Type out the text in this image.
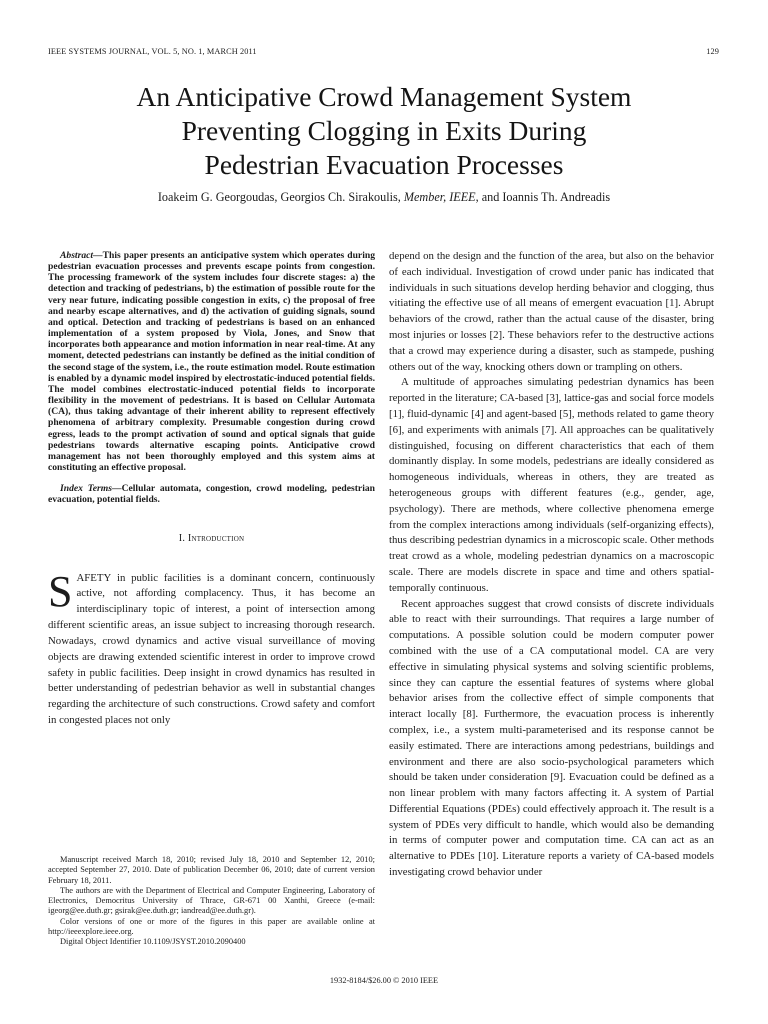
IEEE SYSTEMS JOURNAL, VOL. 5, NO. 1, MARCH 2011	129
An Anticipative Crowd Management System
Preventing Clogging in Exits During
Pedestrian Evacuation Processes
Ioakeim G. Georgoudas, Georgios Ch. Sirakoulis, Member, IEEE, and Ioannis Th. Andreadis

Abstract—This paper presents an anticipative system which operates during pedestrian evacuation processes and prevents escape points from congestion. The processing framework of the system includes four discrete stages: a) the detection and tracking of pedestrians, b) the estimation of possible route for the very near future, indicating possible congestion in exits, c) the proposal of free and nearby escape alternatives, and d) the activation of guiding signals, sound and optical. Detection and tracking of pedestrians is based on an enhanced implementation of a system proposed by Viola, Jones, and Snow that incorporates both appearance and motion information in near real-time. At any moment, detected pedestrians can instantly be defined as the initial condition of the second stage of the system, i.e., the route estimation model. Route estimation is enabled by a dynamic model inspired by electrostatic-induced potential fields. The model combines electrostatic-induced potential fields to incorporate flexibility in the movement of pedestrians. It is based on Cellular Automata (CA), thus taking advantage of their inherent ability to represent effectively phenomena of arbitrary complexity. Presumable congestion during crowd egress, leads to the prompt activation of sound and optical signals that guide pedestrians towards alternative escaping points. Anticipative crowd management has not been thoroughly employed and this system aims at constituting an effective proposal.

Index Terms—Cellular automata, congestion, crowd modeling, pedestrian evacuation, potential fields.

I. Introduction

SAFETY in public facilities is a dominant concern, continuously active, not affording complacency. Thus, it has become an interdisciplinary topic of interest, a point of intersection among different scientific areas, an issue subject to increasing thorough research. Nowadays, crowd dynamics and active visual surveillance of moving objects are drawing extended scientific interest in order to improve crowd safety in public facilities. Deep insight in crowd dynamics has resulted in better understanding of pedestrian behavior as well in substantial changes regarding the architecture of such constructions. Crowd safety and comfort in congested places not only

Manuscript received March 18, 2010; revised July 18, 2010 and September 12, 2010; accepted September 27, 2010. Date of publication December 06, 2010; date of current version February 18, 2011.

The authors are with the Department of Electrical and Computer Engineering, Laboratory of Electronics, Democritus University of Thrace, GR-671 00 Xanthi, Greece (e-mail: igeorg@ee.duth.gr; gsirak@ee.duth.gr; iandread@ee.duth.gr).

Color versions of one or more of the figures in this paper are available online at http://ieeexplore.ieee.org.

Digital Object Identifier 10.1109/JSYST.2010.2090400

depend on the design and the function of the area, but also on the behavior of each individual. Investigation of crowd under panic has indicated that individuals in such situations develop herding behavior and clogging, thus vitiating the effective use of all means of emergent evacuation [1]. Abrupt behaviors of the crowd, rather than the actual cause of the disaster, bring most injuries or losses [2]. These behaviors refer to the destructive actions that a crowd may experience during a disaster, such as stampede, pushing others out of the way, knocking others down or trampling on others.

A multitude of approaches simulating pedestrian dynamics has been reported in the literature; CA-based [3], lattice-gas and social force models [1], fluid-dynamic [4] and agent-based [5], methods related to game theory [6], and experiments with animals [7]. All approaches can be qualitatively distinguished, focusing on different characteristics that each of them dominantly display. In some models, pedestrians are ideally considered as homogeneous individuals, whereas in others, they are treated as heterogeneous groups with different features (e.g., gender, age, psychology). There are methods, where collective phenomena emerge from the complex interactions among individuals (self-organizing effects), thus describing pedestrian dynamics in a microscopic scale. Other methods treat crowd as a whole, modeling pedestrian dynamics on a macroscopic scale. There are models discrete in space and time and others spatial-temporally continuous.

Recent approaches suggest that crowd consists of discrete individuals able to react with their surroundings. That requires a large number of computations. A possible solution could be modern computer power combined with the use of a CA computational model. CA are very effective in simulating physical systems and solving scientific problems, since they can capture the essential features of systems where global behavior arises from the collective effect of simple components that interact locally [8]. Furthermore, the evacuation process is inherently complex, i.e., a system multi-parameterised and its response cannot be easily estimated. There are interactions among pedestrians, buildings and environment and there are also socio-psychological parameters which should be taken under consideration [9]. Evacuation could be defined as a non linear problem with many factors affecting it. A system of Partial Differential Equations (PDEs) could effectively approach it. The result is a system of PDEs very difficult to handle, which would also be demanding in terms of computer power and computation time. CA can act as an alternative to PDEs [10]. Literature reports a variety of CA-based models investigating crowd behavior under

1932-8184/$26.00 © 2010 IEEE
